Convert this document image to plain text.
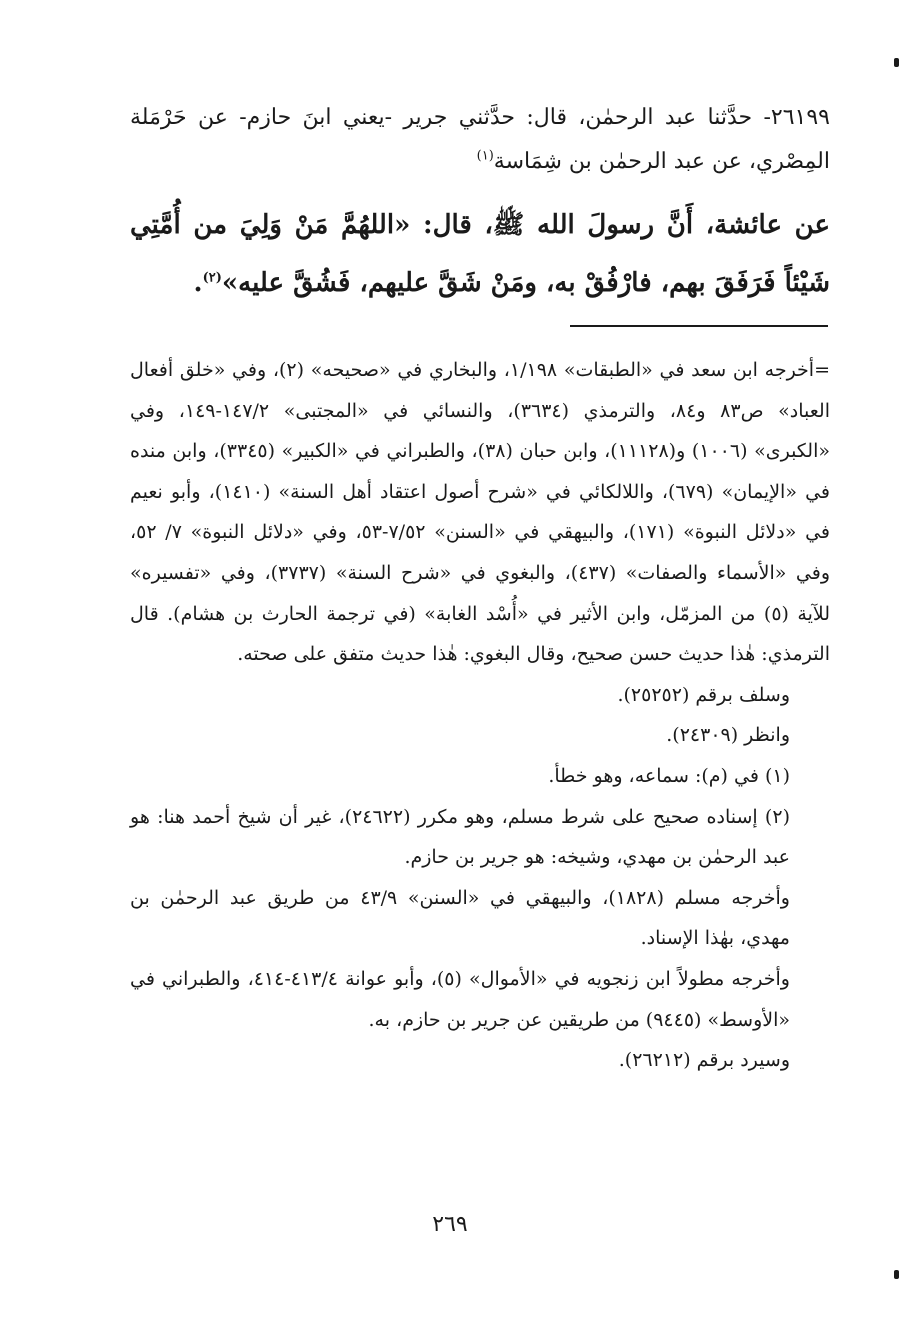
٢٦١٩٩- حدَّثنا عبد الرحمٰن، قال: حدَّثني جرير -يعني ابنَ حازم- عن حَرْمَلة المِصْري، عن عبد الرحمٰن بن شِمَاسة$^{(١)}$
عن عائشة، أَنَّ رسولَ الله ﷺ، قال: «اللهُمَّ مَنْ وَلِيَ من أُمَّتِي شَيْئاً فَرَفَقَ بهم، فارْفُقْ به، ومَنْ شَقَّ عليهم، فَشُقَّ عليه»$^{(٢)}$.

=أخرجه ابن سعد في «الطبقات» ١/١٩٨، والبخاري في «صحيحه» (٢)، وفي «خلق أفعال العباد» ص٨٣ و٨٤، والترمذي (٣٦٣٤)، والنسائي في «المجتبى» ١٤٧/٢-١٤٩، وفي «الكبرى» (١٠٠٦) و(١١١٢٨)، وابن حبان (٣٨)، والطبراني في «الكبير» (٣٣٤٥)، وابن منده في «الإيمان» (٦٧٩)، واللالكائي في «شرح أصول اعتقاد أهل السنة» (١٤١٠)، وأبو نعيم في «دلائل النبوة» (١٧١)، والبيهقي في «السنن» ٧/٥٢-٥٣، وفي «دلائل النبوة» ٧/ ٥٢، وفي «الأسماء والصفات» (٤٣٧)، والبغوي في «شرح السنة» (٣٧٣٧)، وفي «تفسيره» للآية (٥) من المزمّل، وابن الأثير في «أُسْد الغابة» (في ترجمة الحارث بن هشام). قال الترمذي: هٰذا حديث حسن صحيح، وقال البغوي: هٰذا حديث متفق على صحته.

وسلف برقم (٢٥٢٥٢).

وانظر (٢٤٣٠٩).

(١) في (م): سماعه، وهو خطأ.

(٢) إسناده صحيح على شرط مسلم، وهو مكرر (٢٤٦٢٢)، غير أن شيخ أحمد هنا: هو عبد الرحمٰن بن مهدي، وشيخه: هو جرير بن حازم.

وأخرجه مسلم (١٨٢٨)، والبيهقي في «السنن» ٤٣/٩ من طريق عبد الرحمٰن بن مهدي، بهٰذا الإسناد.

وأخرجه مطولاً ابن زنجويه في «الأموال» (٥)، وأبو عوانة ٤١٣/٤-٤١٤، والطبراني في «الأوسط» (٩٤٤٥) من طريقين عن جرير بن حازم، به.

وسيرد برقم (٢٦٢١٢).

٢٦٩
